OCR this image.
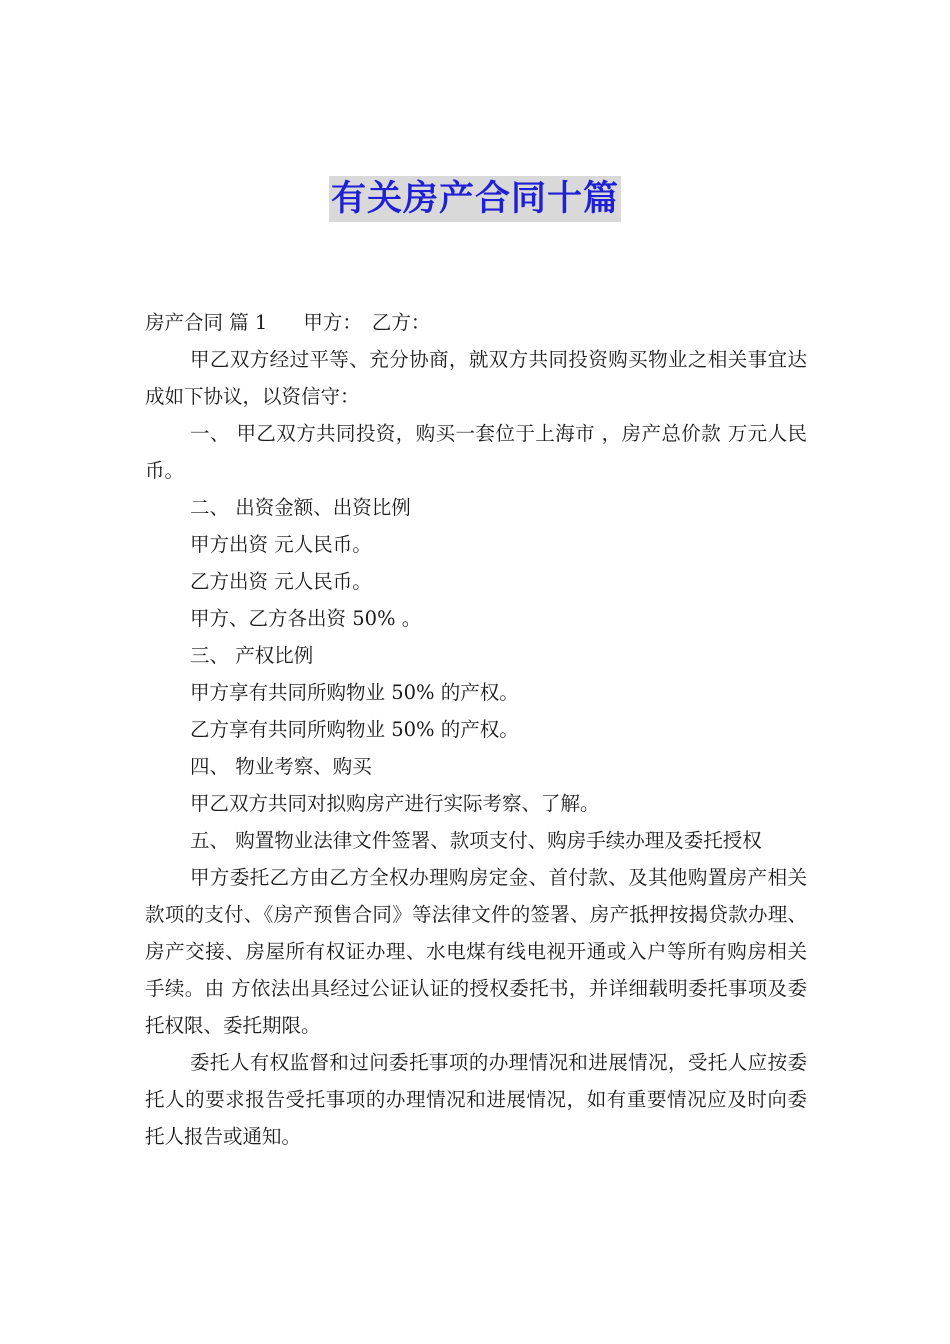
有关房产合同十篇

房产合同 篇 1 甲方： 乙方：

甲乙双方经过平等、充分协商，就双方共同投资购买物业之相关事宜达成如下协议，以资信守：

一、 甲乙双方共同投资，购买一套位于上海市 ，房产总价款 万元人民币。

二、 出资金额、出资比例

甲方出资 元人民币。

乙方出资 元人民币。

甲方、乙方各出资 50% 。

三、 产权比例

甲方享有共同所购物业 50% 的产权。

乙方享有共同所购物业 50% 的产权。

四、 物业考察、购买

甲乙双方共同对拟购房产进行实际考察、了解。

五、 购置物业法律文件签署、款项支付、购房手续办理及委托授权

甲方委托乙方由乙方全权办理购房定金、首付款、及其他购置房产相关款项的支付、《房产预售合同》等法律文件的签署、房产抵押按揭贷款办理、房产交接、房屋所有权证办理、水电煤有线电视开通或入户等所有购房相关手续。由 方依法出具经过公证认证的授权委托书，并详细载明委托事项及委托权限、委托期限。

委托人有权监督和过问委托事项的办理情况和进展情况，受托人应按委托人的要求报告受托事项的办理情况和进展情况，如有重要情况应及时向委托人报告或通知。
